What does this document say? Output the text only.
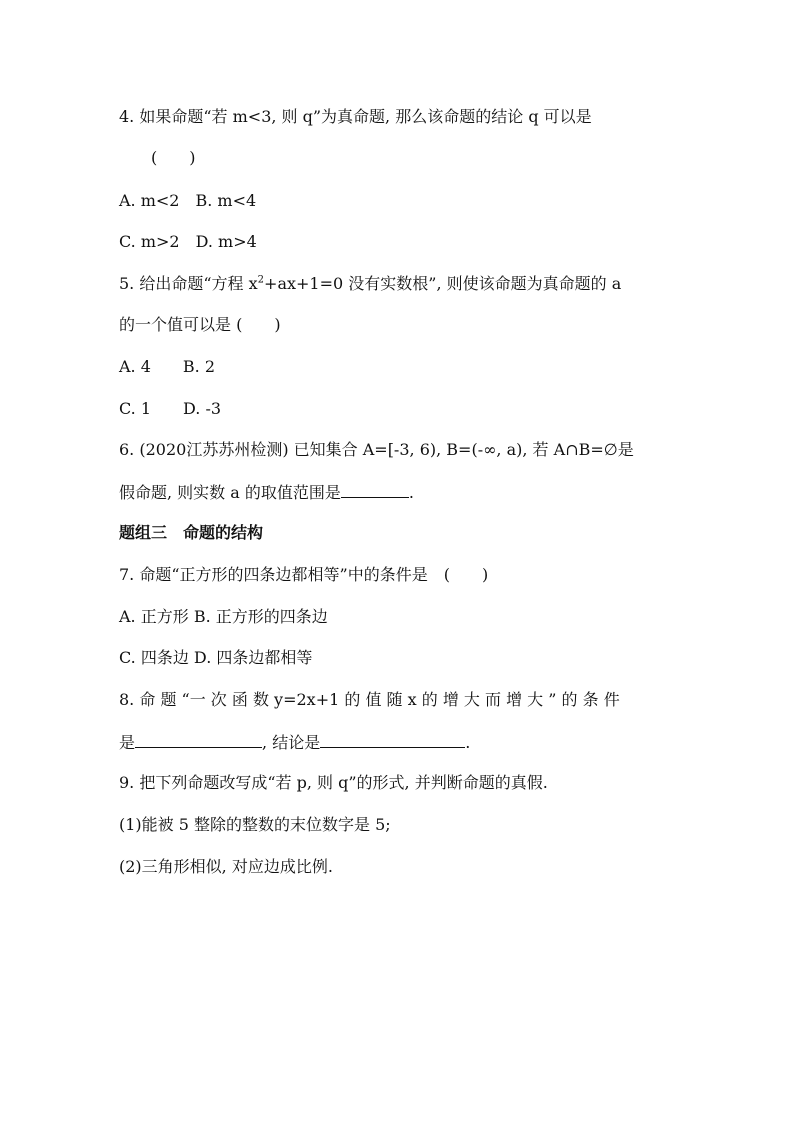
4. 如果命题“若 m<3, 则 q”为真命题, 那么该命题的结论 q 可以是
(　　)
A. m<2　B. m<4
C. m>2　D. m>4
5. 给出命题“方程 $x^2+ax+1=0$ 没有实数根”, 则使该命题为真命题的 a
的一个值可以是 (　　)
A. 4　　B. 2
C. 1　　D. -3
6. (2020江苏苏州检测) 已知集合 A=[-3, 6), B=(-∞, a), 若 A∩B=∅是
假命题, 则实数 a 的取值范围是	.
题组三　命题的结构
7. 命题“正方形的四条边都相等”中的条件是　(　　)
A. 正方形 B. 正方形的四条边
C. 四条边 D. 四条边都相等
8. 命 题 “一 次 函 数 y=2x+1 的 值 随 x 的 增 大 而 增 大 ” 的 条 件
是	, 结论是	.
9. 把下列命题改写成“若 p, 则 q”的形式, 并判断命题的真假.
(1)能被 5 整除的整数的末位数字是 5;
(2)三角形相似, 对应边成比例.
